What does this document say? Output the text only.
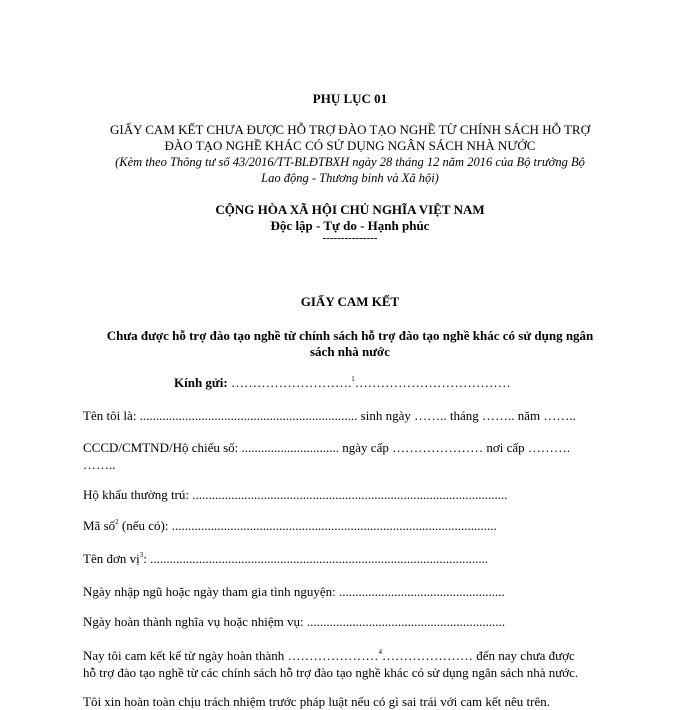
PHỤ LỤC 01
GIẤY CAM KẾT CHƯA ĐƯỢC HỖ TRỢ ĐÀO TẠO NGHỀ TỪ CHÍNH SÁCH HỖ TRỢ
ĐÀO TẠO NGHỀ KHÁC CÓ SỬ DỤNG NGÂN SÁCH NHÀ NƯỚC
(Kèm theo Thông tư số 43/2016/TT-BLĐTBXH ngày 28 tháng 12 năm 2016 của Bộ trưởng Bộ
Lao động - Thương binh và Xã hội)
CỘNG HÒA XÃ HỘI CHỦ NGHĨA VIỆT NAM
Độc lập - Tự do - Hạnh phúc
---------------
GIẤY CAM KẾT
Chưa được hỗ trợ đào tạo nghề từ chính sách hỗ trợ đào tạo nghề khác có sử dụng ngân
sách nhà nước
Kính gửi: ……………………….$^1$………………………………
Tên tôi là: ................................................................... sinh ngày …….. tháng …….. năm ……..
CCCD/CMTND/Hộ chiếu số: .............................. ngày cấp ………………… nơi cấp ……….
……..
Hộ khẩu thường trú: .................................................................................................
Mã số$^2$ (nếu có): ....................................................................................................
Tên đơn vị$^3$: ........................................................................................................
Ngày nhập ngũ hoặc ngày tham gia tình nguyện: ...................................................
Ngày hoàn thành nghĩa vụ hoặc nhiệm vụ: .............................................................
Nay tôi cam kết kể từ ngày hoàn thành …………………$^4$………………… đến nay chưa được
hỗ trợ đào tạo nghề từ các chính sách hỗ trợ đào tạo nghề khác có sử dụng ngân sách nhà nước.
Tôi xin hoàn toàn chịu trách nhiệm trước pháp luật nếu có gì sai trái với cam kết nêu trên.
